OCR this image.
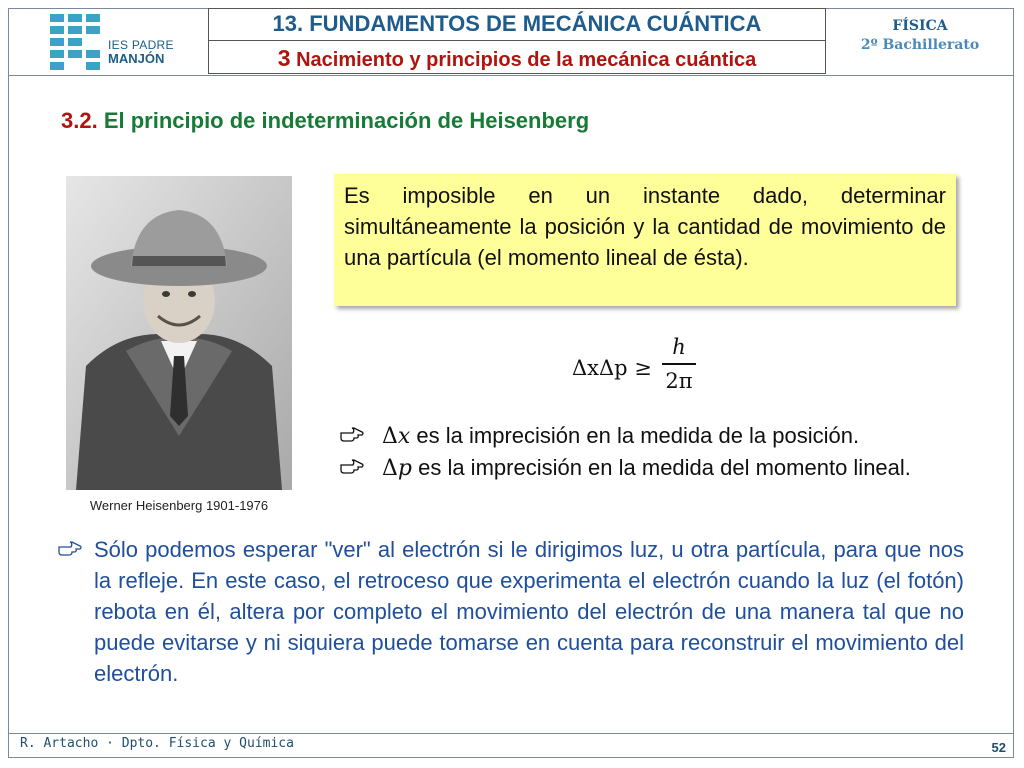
IES PADRE
MANJÓN
13. FUNDAMENTOS DE MECÁNICA CUÁNTICA
3 Nacimiento y principios de la mecánica cuántica
FÍSICA
2º Bachillerato
3.2. El principio de indeterminación de Heisenberg
Werner Heisenberg 1901-1976
Es imposible en un instante dado, determinar simultáneamente la posición y la cantidad de movimiento de una partícula (el momento lineal de ésta).
ΔxΔp ≥
h
2π
Δx es la imprecisión en la medida de la posición.
Δp es la imprecisión en la medida del momento lineal.
Sólo podemos esperar "ver" al electrón si le dirigimos luz, u otra partícula, para que nos la refleje. En este caso, el retroceso que experimenta el electrón cuando la luz (el fotón) rebota en él, altera por completo el movimiento del electrón de una manera tal que no puede evitarse y ni siquiera puede tomarse en cuenta para reconstruir el movimiento del electrón.
R. Artacho · Dpto. Física y Química	52
